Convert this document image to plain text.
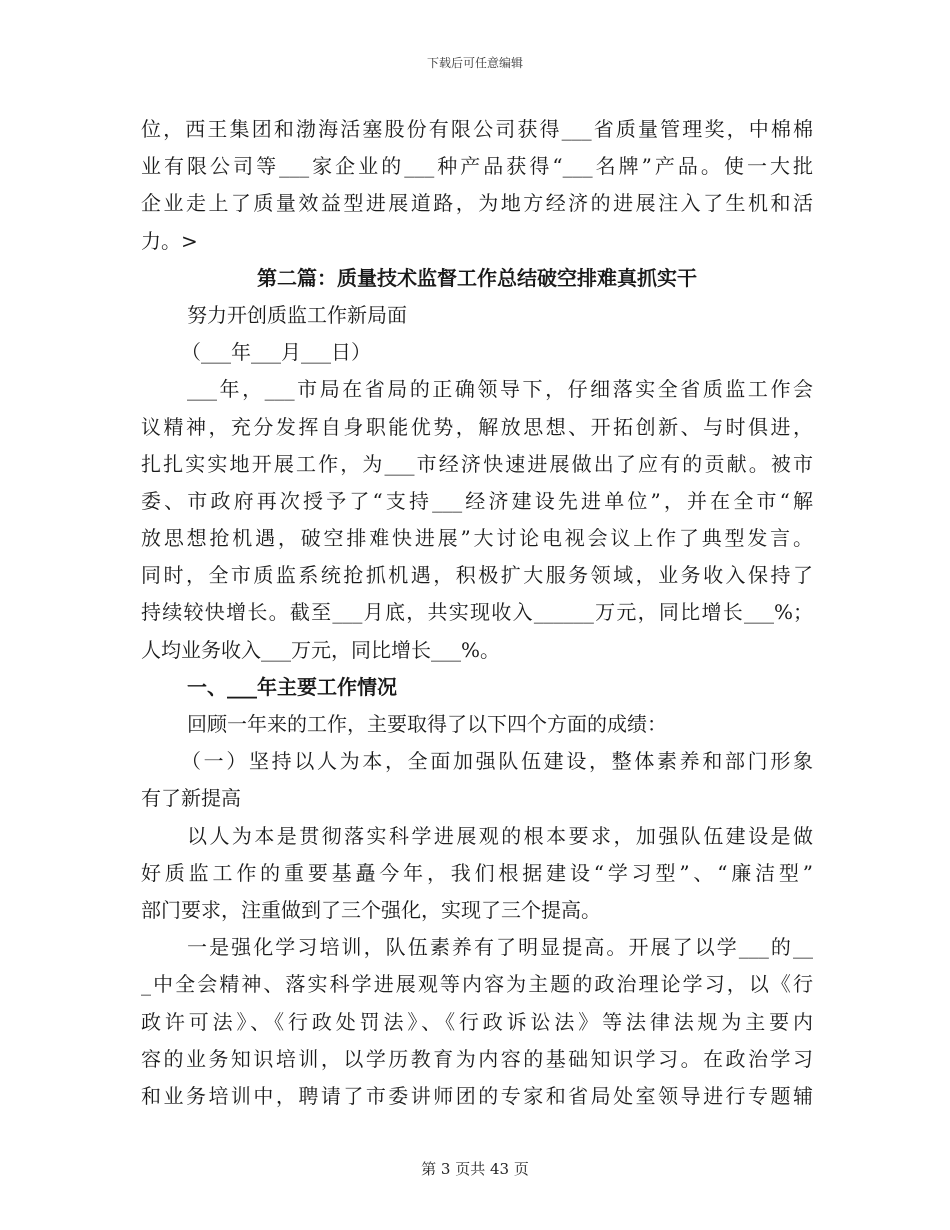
下载后可任意编辑
位，西王集团和渤海活塞股份有限公司获得___省质量管理奖，中棉棉
业有限公司等___家企业的___种产品获得“___名牌”产品。使一大批
企业走上了质量效益型进展道路，为地方经济的进展注入了生机和活
力。>
第二篇：质量技术监督工作总结破空排难真抓实干
努力开创质监工作新局面
（___年___月___日）
___年，___市局在省局的正确领导下，仔细落实全省质监工作会
议精神，充分发挥自身职能优势，解放思想、开拓创新、与时俱进，
扎扎实实地开展工作，为___市经济快速进展做出了应有的贡献。被市
委、市政府再次授予了“支持___经济建设先进单位”，并在全市“解
放思想抢机遇，破空排难快进展”大讨论电视会议上作了典型发言。
同时，全市质监系统抢抓机遇，积极扩大服务领域，业务收入保持了
持续较快增长。截至___月底，共实现收入______万元，同比增长___%；
人均业务收入___万元，同比增长___%。
一、___年主要工作情况
回顾一年来的工作，主要取得了以下四个方面的成绩：
（一）坚持以人为本，全面加强队伍建设，整体素养和部门形象
有了新提高
以人为本是贯彻落实科学进展观的根本要求，加强队伍建设是做
好质监工作的重要基矗今年，我们根据建设“学习型”、“廉洁型”
部门要求，注重做到了三个强化，实现了三个提高。
一是强化学习培训，队伍素养有了明显提高。开展了以学___的__
_中全会精神、落实科学进展观等内容为主题的政治理论学习，以《行
政许可法》、《行政处罚法》、《行政诉讼法》等法律法规为主要内
容的业务知识培训，以学历教育为内容的基础知识学习。在政治学习
和业务培训中，聘请了市委讲师团的专家和省局处室领导进行专题辅
第 3 页共 43 页
